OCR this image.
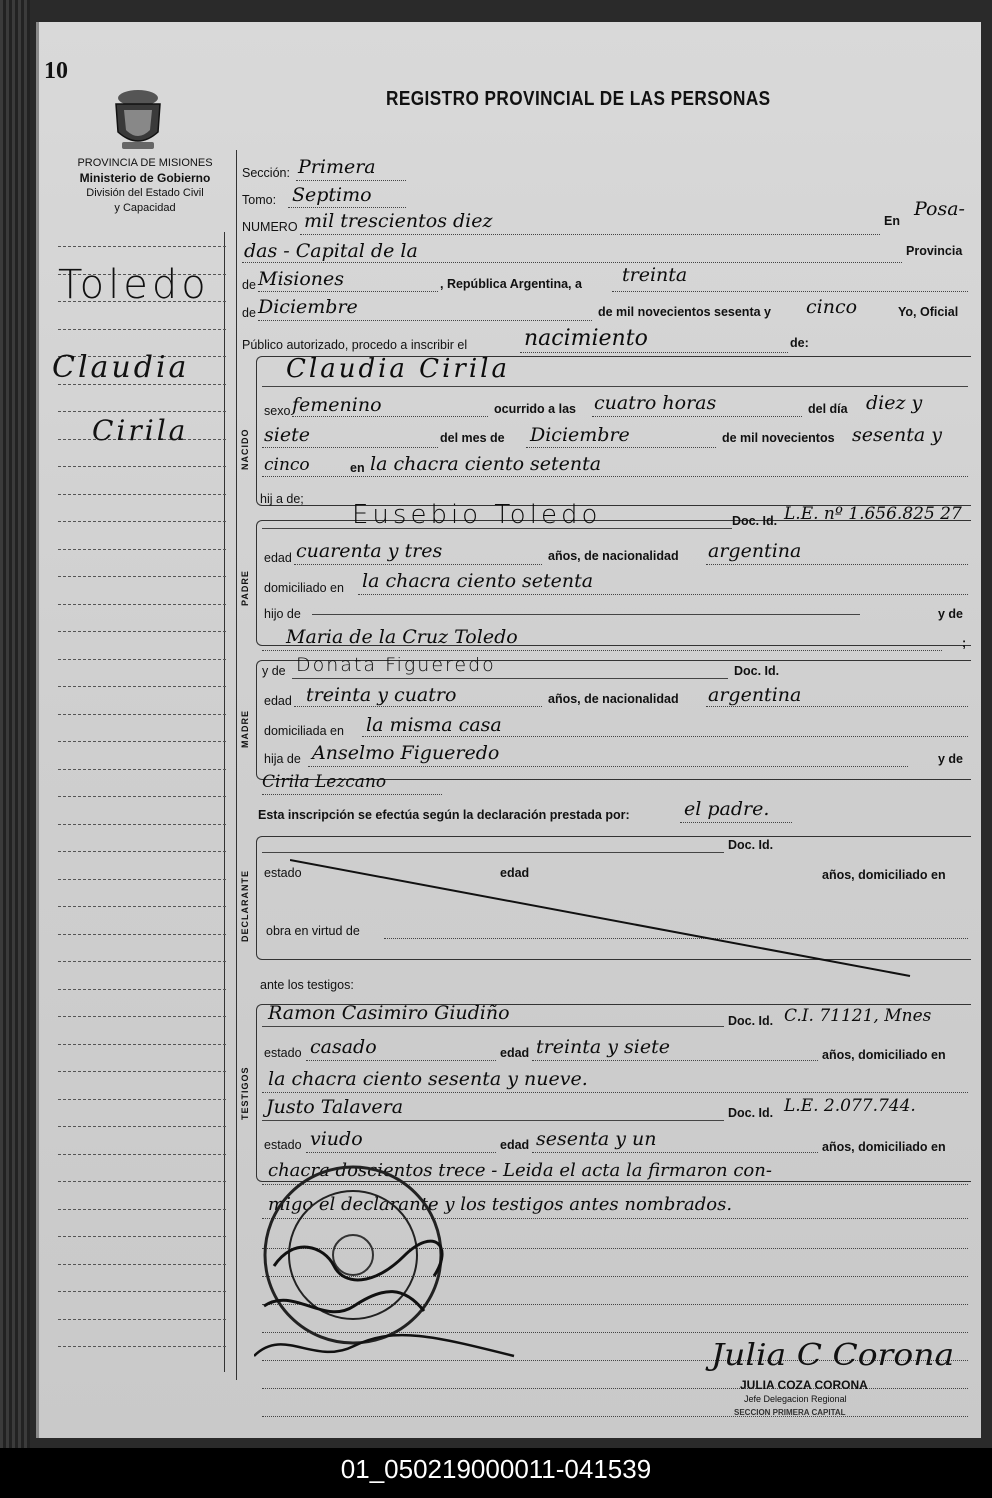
10
REGISTRO PROVINCIAL DE LAS PERSONAS
PROVINCIA DE MISIONES
Ministerio de Gobierno
División del Estado Civil
y Capacidad
Toledo
Claudia
Cirila
Sección: Primera
Tomo: Septimo
NUMERO mil trescientos diez	En
Posa-
das - Capital de la	Provincia
de Misiones	, República Argentina, a treinta
de Diciembre	de mil novecientos sesenta y cinco	Yo, Oficial
Público autorizado, procedo a inscribir el	nacimiento	de:
NACIDO
Claudia Cirila
sexo femenino	ocurrido a las cuatro horas	del día diez y
siete	del mes de Diciembre	de mil novecientos sesenta y
cinco	en la chacra ciento setenta
hij a de;
PADRE
Eusebio Toledo	Doc. Id. L.E. nº 1.656.825 27
edad cuarenta y tres	años, de nacionalidad argentina
domiciliado en la chacra ciento setenta
hijo de	y de
Maria de la Cruz Toledo	;
MADRE
y de Donata Figueredo	Doc. Id.
edad treinta y cuatro	años, de nacionalidad argentina
domiciliada en la misma casa
hija de Anselmo Figueredo	y de
Cirila Lezcano
Esta inscripción se efectúa según la declaración prestada por:	el padre.
DECLARANTE
Doc. Id.
estado	edad	años, domiciliado en
obra en virtud de
ante los testigos:
TESTIGOS
Ramon Casimiro Giudiño	Doc. Id. C.I. 71121, Mnes
estado casado	edad treinta y siete	años, domiciliado en
la chacra ciento sesenta y nueve.
Justo Talavera	Doc. Id. L.E. 2.077.744.
estado viudo	edad sesenta y un	años, domiciliado en
chacra doscientos trece - Leida el acta la firmaron con-
migo el declarante y los testigos antes nombrados.
Julia C Corona
JULIA COZA CORONA
Jefe Delegacion Regional
SECCION PRIMERA CAPITAL
01_050219000011-041539
